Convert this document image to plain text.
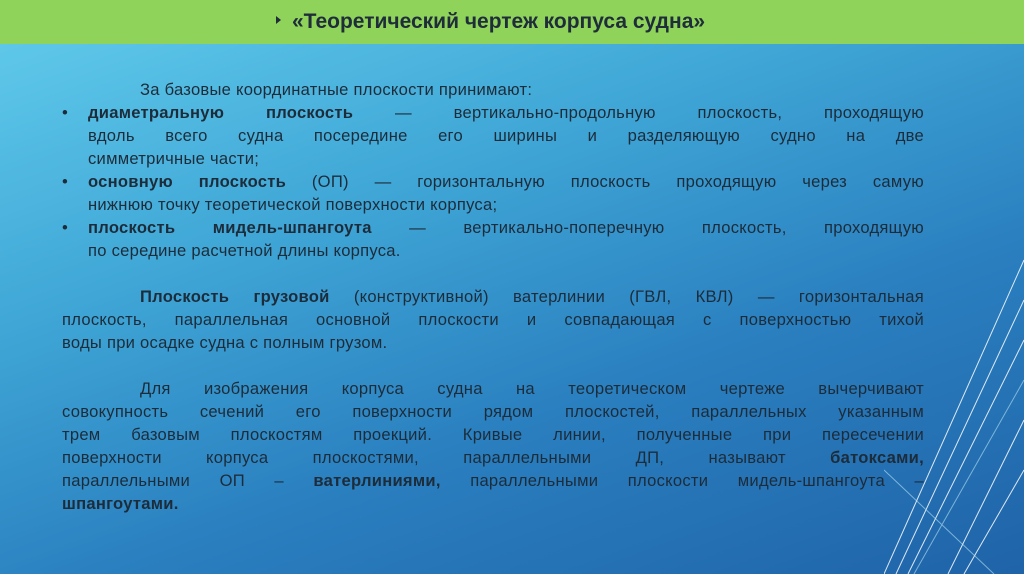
«Теоретический чертеж корпуса судна»
За базовые координатные плоскости принимают:
• диаметральную плоскость — вертикально-продольную плоскость, проходящую
вдоль всего судна посередине его ширины и разделяющую судно на две
симметричные части;
• основную плоскость (ОП) — горизонтальную плоскость проходящую через самую
нижнюю точку теоретической поверхности корпуса;
• плоскость мидель-шпангоута — вертикально-поперечную плоскость, проходящую
по середине расчетной длины корпуса.
Плоскость грузовой (конструктивной) ватерлинии (ГВЛ, КВЛ) — горизонтальная
плоскость, параллельная основной плоскости и совпадающая с поверхностью тихой
воды при осадке судна с полным грузом.
Для изображения корпуса судна на теоретическом чертеже вычерчивают
совокупность сечений его поверхности рядом плоскостей, параллельных указанным
трем базовым плоскостям проекций. Кривые линии, полученные при пересечении
поверхности корпуса плоскостями, параллельными ДП, называют батоксами,
параллельными ОП – ватерлиниями, параллельными плоскости мидель-шпангоута –
шпангоутами.
